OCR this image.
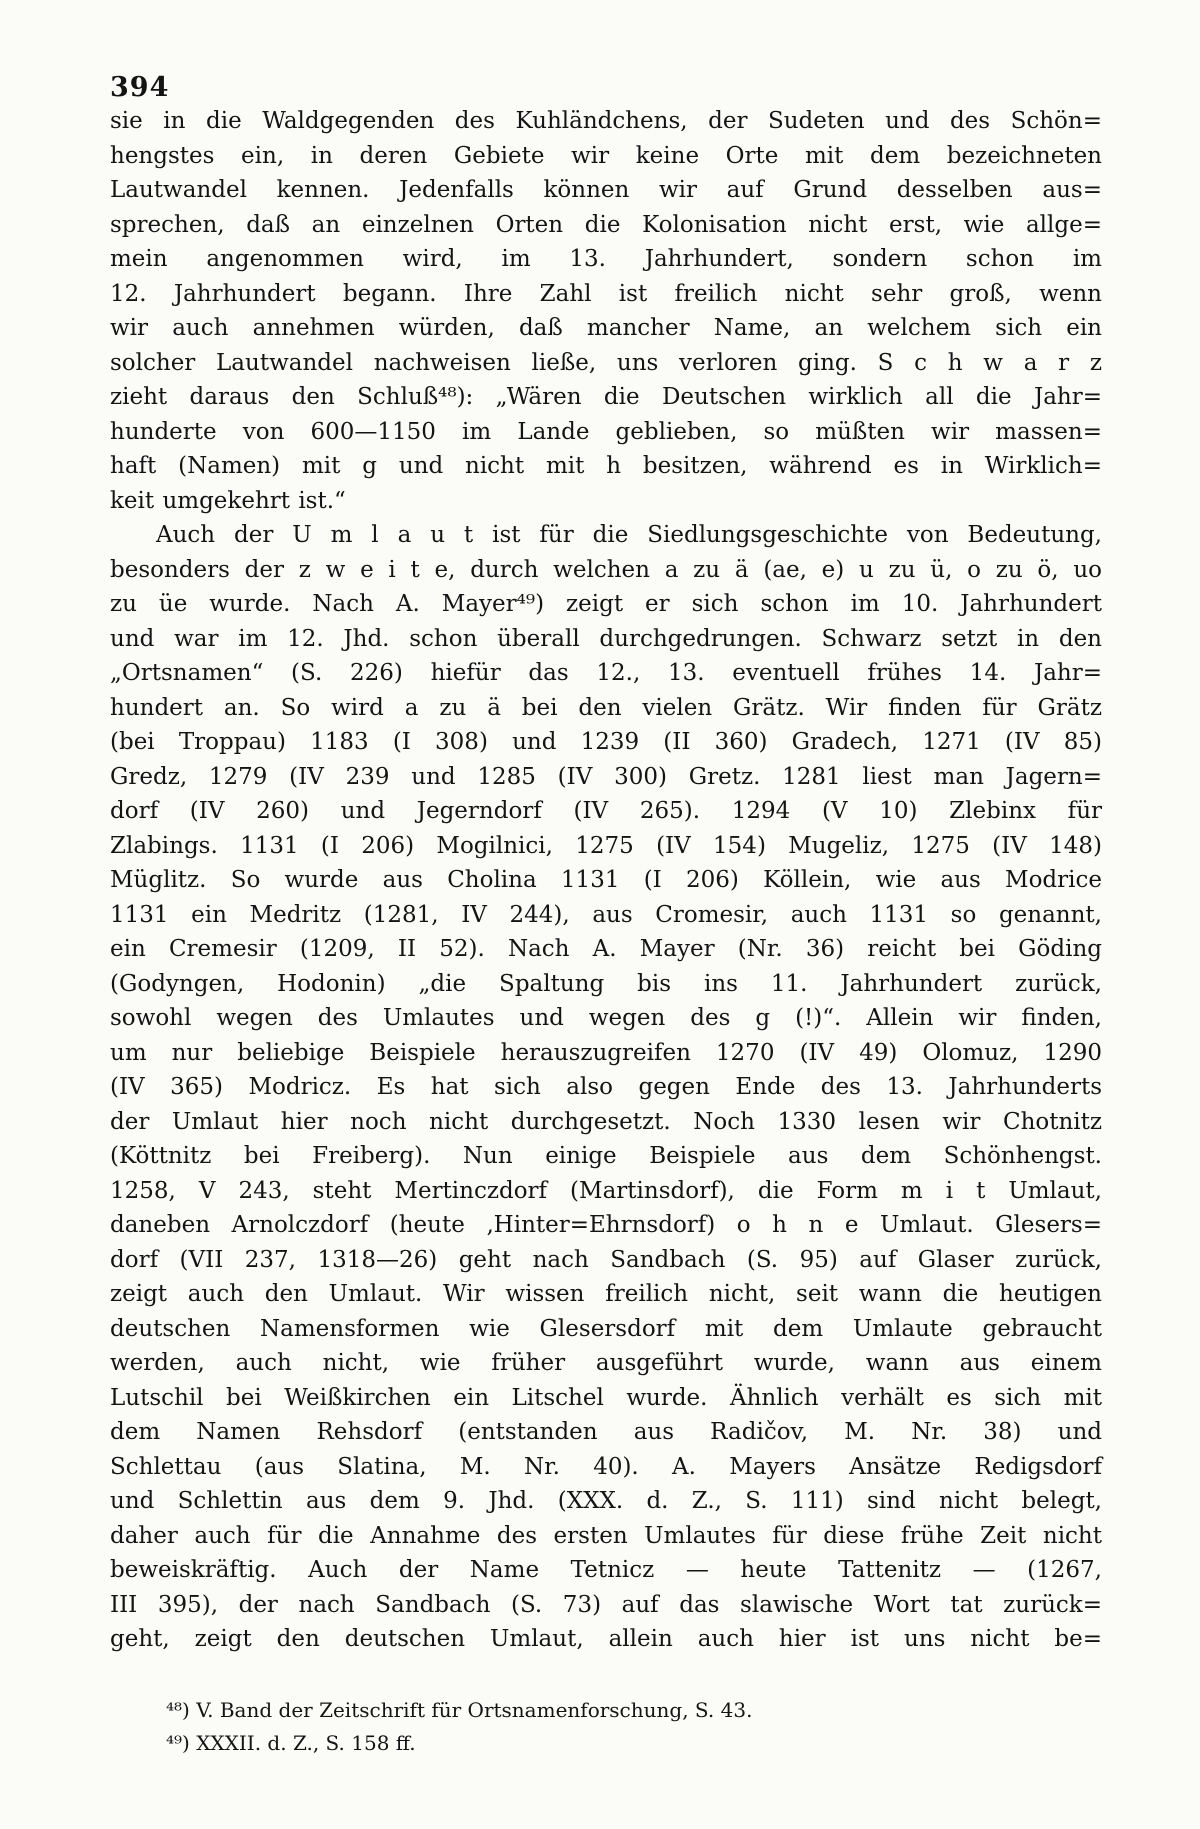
394
sie in die Waldgegenden des Kuhländchens, der Sudeten und des Schön=
hengstes ein, in deren Gebiete wir keine Orte mit dem bezeichneten
Lautwandel kennen. Jedenfalls können wir auf Grund desselben aus=
sprechen, daß an einzelnen Orten die Kolonisation nicht erst, wie allge=
mein angenommen wird, im 13. Jahrhundert, sondern schon im
12. Jahrhundert begann. Ihre Zahl ist freilich nicht sehr groß, wenn
wir auch annehmen würden, daß mancher Name, an welchem sich ein
solcher Lautwandel nachweisen ließe, uns verloren ging. S c h w a r z
zieht daraus den Schluß⁴⁸): „Wären die Deutschen wirklich all die Jahr=
hunderte von 600—1150 im Lande geblieben, so müßten wir massen=
haft (Namen) mit g und nicht mit h besitzen, während es in Wirklich=
keit umgekehrt ist.“
Auch der U m l a u t ist für die Siedlungsgeschichte von Bedeutung,
besonders der z w e i t e, durch welchen a zu ä (ae, e) u zu ü, o zu ö, uo
zu üe wurde. Nach A. Mayer⁴⁹) zeigt er sich schon im 10. Jahrhundert
und war im 12. Jhd. schon überall durchgedrungen. Schwarz setzt in den
„Ortsnamen“ (S. 226) hiefür das 12., 13. eventuell frühes 14. Jahr=
hundert an. So wird a zu ä bei den vielen Grätz. Wir finden für Grätz
(bei Troppau) 1183 (I 308) und 1239 (II 360) Gradech, 1271 (IV 85)
Gredz, 1279 (IV 239 und 1285 (IV 300) Gretz. 1281 liest man Jagern=
dorf (IV 260) und Jegerndorf (IV 265). 1294 (V 10) Zlebinx für
Zlabings. 1131 (I 206) Mogilnici, 1275 (IV 154) Mugeliz, 1275 (IV 148)
Müglitz. So wurde aus Cholina 1131 (I 206) Köllein, wie aus Modrice
1131 ein Medritz (1281, IV 244), aus Cromesir, auch 1131 so genannt,
ein Cremesir (1209, II 52). Nach A. Mayer (Nr. 36) reicht bei Göding
(Godyngen, Hodonin) „die Spaltung bis ins 11. Jahrhundert zurück,
sowohl wegen des Umlautes und wegen des g (!)“. Allein wir finden,
um nur beliebige Beispiele herauszugreifen 1270 (IV 49) Olomuz, 1290
(IV 365) Modricz. Es hat sich also gegen Ende des 13. Jahrhunderts
der Umlaut hier noch nicht durchgesetzt. Noch 1330 lesen wir Chotnitz
(Köttnitz bei Freiberg). Nun einige Beispiele aus dem Schönhengst.
1258, V 243, steht Mertinczdorf (Martinsdorf), die Form m i t Umlaut,
daneben Arnolczdorf (heute ‚Hinter=Ehrnsdorf) o h n e Umlaut. Glesers=
dorf (VII 237, 1318—26) geht nach Sandbach (S. 95) auf Glaser zurück,
zeigt auch den Umlaut. Wir wissen freilich nicht, seit wann die heutigen
deutschen Namensformen wie Glesersdorf mit dem Umlaute gebraucht
werden, auch nicht, wie früher ausgeführt wurde, wann aus einem
Lutschil bei Weißkirchen ein Litschel wurde. Ähnlich verhält es sich mit
dem Namen Rehsdorf (entstanden aus Radičov, M. Nr. 38) und
Schlettau (aus Slatina, M. Nr. 40). A. Mayers Ansätze Redigsdorf
und Schlettin aus dem 9. Jhd. (XXX. d. Z., S. 111) sind nicht belegt,
daher auch für die Annahme des ersten Umlautes für diese frühe Zeit nicht
beweiskräftig. Auch der Name Tetnicz — heute Tattenitz — (1267,
III 395), der nach Sandbach (S. 73) auf das slawische Wort tat zurück=
geht, zeigt den deutschen Umlaut, allein auch hier ist uns nicht be=
⁴⁸) V. Band der Zeitschrift für Ortsnamenforschung, S. 43.
⁴⁹) XXXII. d. Z., S. 158 ff.
